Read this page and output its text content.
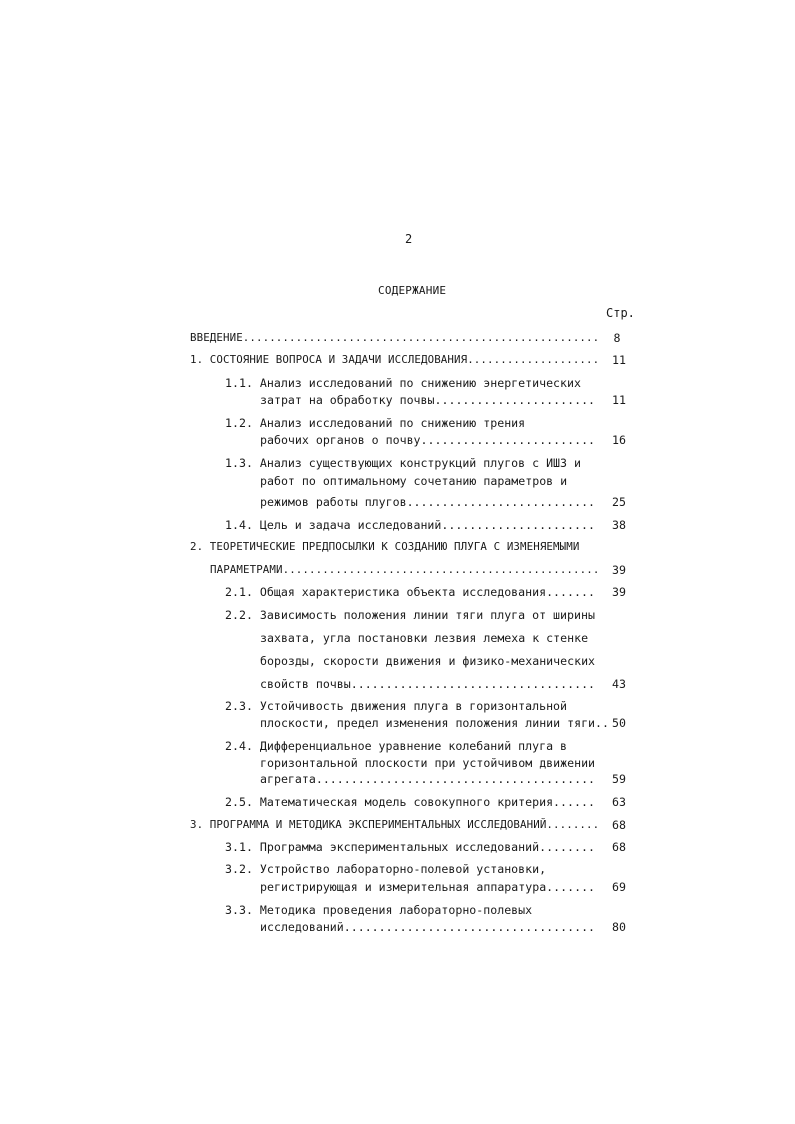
2
СОДЕРЖАНИЕ
Стр.
ВВЕДЕНИЕ......................................................	8
1. СОСТОЯНИЕ ВОПРОСА И ЗАДАЧИ ИССЛЕДОВАНИЯ....................	11
1.1. Анализ исследований по снижению энергетических
затрат на обработку почвы.......................	11
1.2. Анализ исследований по снижению трения
рабочих органов о почву.........................	16
1.3. Анализ существующих конструкций плугов с ИШЗ и
работ по оптимальному сочетанию параметров и
режимов работы плугов...........................	25
1.4. Цель и задача исследований......................	38
2. ТЕОРЕТИЧЕСКИЕ ПРЕДПОСЫЛКИ К СОЗДАНИЮ ПЛУГА С ИЗМЕНЯЕМЫМИ
ПАРАМЕТРАМИ................................................	39
2.1. Общая характеристика объекта исследования.......	39
2.2. Зависимость положения линии тяги плуга от ширины
захвата, угла постановки лезвия лемеха к стенке
борозды, скорости движения и физико-механических
свойств почвы...................................	43
2.3. Устойчивость движения плуга в горизонтальной
плоскости, предел изменения положения линии тяги.. 50
2.4. Дифференциальное уравнение колебаний плуга в
горизонтальной плоскости при устойчивом движении
агрегата........................................	59
2.5. Математическая модель совокупного критерия......	63
3. ПРОГРАММА И МЕТОДИКА ЭКСПЕРИМЕНТАЛЬНЫХ ИССЛЕДОВАНИЙ........	68
3.1. Программа экспериментальных исследований........	68
3.2. Устройство лабораторно-полевой установки,
регистрирующая и измерительная аппаратура.......	69
3.3. Методика проведения лабораторно-полевых
исследований....................................	80
